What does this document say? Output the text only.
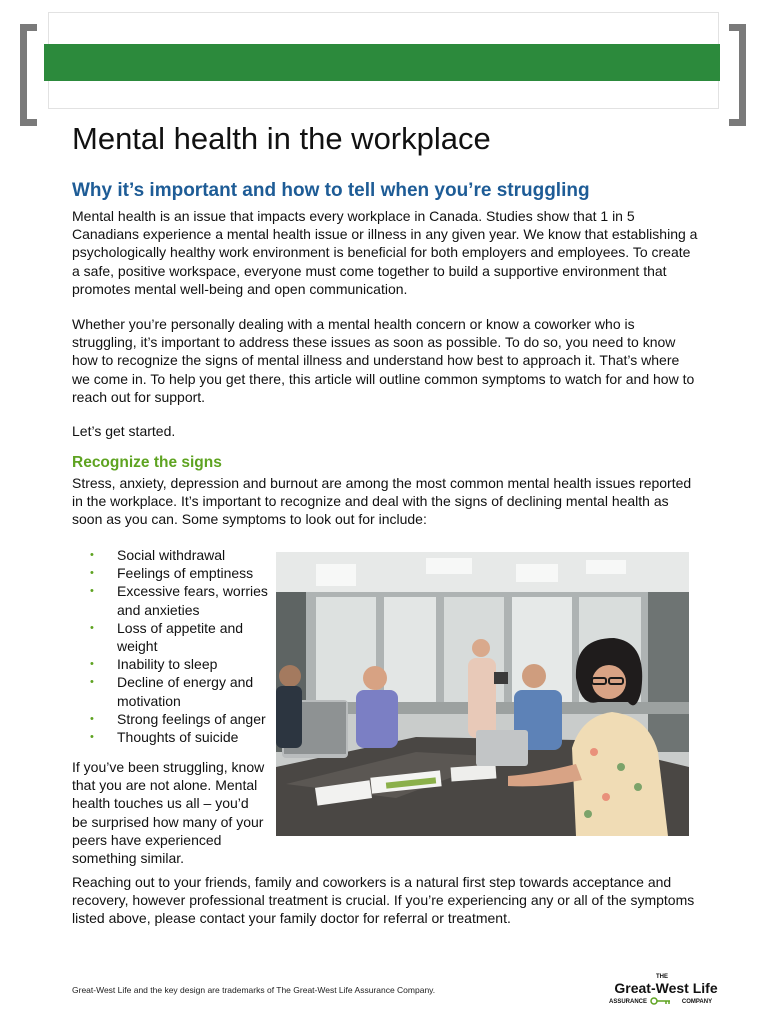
Mental health in the workplace
Why it’s important and how to tell when you’re struggling

Mental health is an issue that impacts every workplace in Canada. Studies show that 1 in 5 Canadians experience a mental health issue or illness in any given year. We know that establishing a psychologically healthy work environment is beneficial for both employers and employees. To create a safe, positive workspace, everyone must come together to build a supportive environment that promotes mental well-being and open communication.

Whether you’re personally dealing with a mental health concern or know a coworker who is struggling, it’s important to address these issues as soon as possible. To do so, you need to know how to recognize the signs of mental illness and understand how best to approach it. That’s where we come in. To help you get there, this article will outline common symptoms to watch for and how to reach out for support.

Let’s get started.

Recognize the signs

Stress, anxiety, depression and burnout are among the most common mental health issues reported in the workplace. It’s important to recognize and deal with the signs of declining mental health as soon as you can. Some symptoms to look out for include:

• Social withdrawal
• Feelings of emptiness
• Excessive fears, worries and anxieties
• Loss of appetite and weight
• Inability to sleep
• Decline of energy and motivation
• Strong feelings of anger
• Thoughts of suicide

If you’ve been struggling, know that you are not alone. Mental health touches us all – you’d be surprised how many of your peers have experienced something similar.

Reaching out to your friends, family and coworkers is a natural first step towards acceptance and recovery, however professional treatment is crucial. If you’re experiencing any or all of the symptoms listed above, please contact your family doctor for referral or treatment.

Great-West Life and the key design are trademarks of The Great-West Life Assurance Company.

THE
Great-West Life
ASSURANCE	COMPANY
